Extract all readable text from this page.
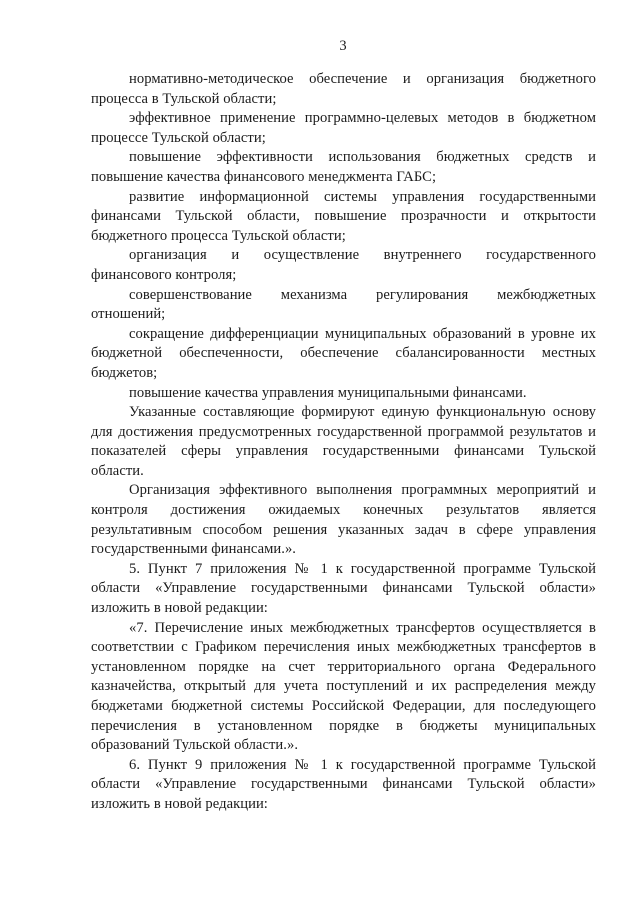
3

нормативно-методическое обеспечение и организация бюджетного процесса в Тульской области;

эффективное применение программно-целевых методов в бюджетном процессе Тульской области;

повышение эффективности использования бюджетных средств и повышение качества финансового менеджмента ГАБС;

развитие информационной системы управления государственными финансами Тульской области, повышение прозрачности и открытости бюджетного процесса Тульской области;

организация и осуществление внутреннего государственного финансового контроля;

совершенствование механизма регулирования межбюджетных отношений;

сокращение дифференциации муниципальных образований в уровне их бюджетной обеспеченности, обеспечение сбалансированности местных бюджетов;

повышение качества управления муниципальными финансами.

Указанные составляющие формируют единую функциональную основу для достижения предусмотренных государственной программой результатов и показателей сферы управления государственными финансами Тульской области.

Организация эффективного выполнения программных мероприятий и контроля достижения ожидаемых конечных результатов является результативным способом решения указанных задач в сфере управления государственными финансами.».

5. Пункт 7 приложения № 1 к государственной программе Тульской области «Управление государственными финансами Тульской области» изложить в новой редакции:

«7. Перечисление иных межбюджетных трансфертов осуществляется в соответствии с Графиком перечисления иных межбюджетных трансфертов в установленном порядке на счет территориального органа Федерального казначейства, открытый для учета поступлений и их распределения между бюджетами бюджетной системы Российской Федерации, для последующего перечисления в установленном порядке в бюджеты муниципальных образований Тульской области.».

6. Пункт 9 приложения № 1 к государственной программе Тульской области «Управление государственными финансами Тульской области» изложить в новой редакции:
